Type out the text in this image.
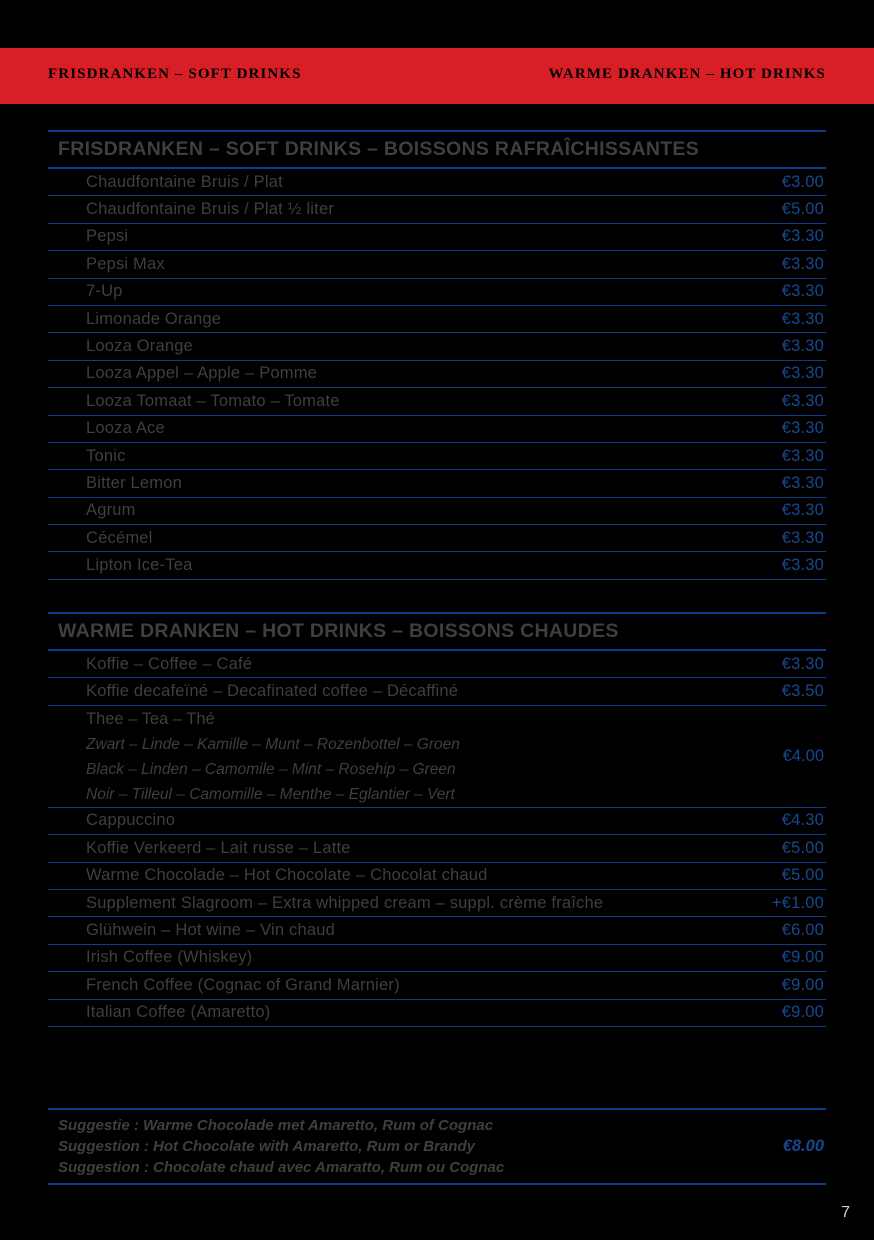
FRISDRANKEN – SOFT DRINKS	WARME DRANKEN – HOT DRINKS
FRISDRANKEN – SOFT DRINKS – BOISSONS RAFRAÎCHISSANTES
Chaudfontaine Bruis / Plat	€3.00
Chaudfontaine Bruis / Plat ½ liter	€5.00
Pepsi	€3.30
Pepsi Max	€3.30
7-Up	€3.30
Limonade Orange	€3.30
Looza Orange	€3.30
Looza Appel – Apple – Pomme	€3.30
Looza Tomaat – Tomato – Tomate	€3.30
Looza Ace	€3.30
Tonic	€3.30
Bitter Lemon	€3.30
Agrum	€3.30
Cécémel	€3.30
Lipton Ice-Tea	€3.30
WARME DRANKEN – HOT DRINKS – BOISSONS CHAUDES
Koffie – Coffee – Café	€3.30
Koffie decafeïné – Decafinated coffee – Décaffiné	€3.50
Thee – Tea – Thé
Zwart – Linde – Kamille – Munt – Rozenbottel – Groen
Black – Linden – Camomile – Mint – Rosehip – Green
Noir – Tilleul – Camomille – Menthe – Eglantier – Vert
€4.00
Cappuccino	€4.30
Koffie Verkeerd – Lait russe – Latte	€5.00
Warme Chocolade – Hot Chocolate – Chocolat chaud	€5.00
Supplement Slagroom – Extra whipped cream – suppl. crème fraîche	+€1.00
Glühwein – Hot wine – Vin chaud	€6.00
Irish Coffee (Whiskey)	€9.00
French Coffee (Cognac of Grand Marnier)	€9.00
Italian Coffee (Amaretto)	€9.00
Suggestie : Warme Chocolade met Amaretto, Rum of Cognac
Suggestion : Hot Chocolate with Amaretto, Rum or Brandy
Suggestion : Chocolate chaud avec Amaratto, Rum ou Cognac
€8.00
7
